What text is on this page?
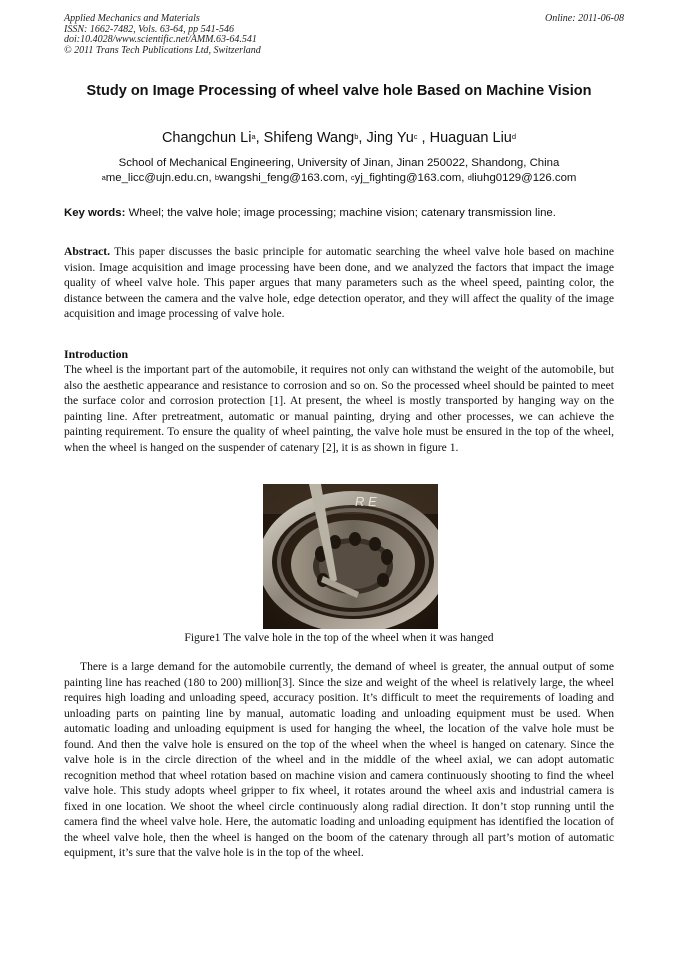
Applied Mechanics and Materials
ISSN: 1662-7482, Vols. 63-64, pp 541-546
doi:10.4028/www.scientific.net/AMM.63-64.541
© 2011 Trans Tech Publications Ltd, Switzerland
Online: 2011-06-08
Study on Image Processing of wheel valve hole Based on Machine Vision
Changchun Li$^a$, Shifeng Wang$^b$, Jing Yu$^c$ , Huaguan Liu$^d$
School of Mechanical Engineering, University of Jinan, Jinan 250022, Shandong, China
$^a$me_licc@ujn.edu.cn, $^b$wangshi_feng@163.com, $^c$yj_fighting@163.com, $^d$liuhg0129@126.com
Key words: Wheel; the valve hole; image processing; machine vision; catenary transmission line.
Abstract. This paper discusses the basic principle for automatic searching the wheel valve hole based on machine vision. Image acquisition and image processing have been done, and we analyzed the factors that impact the image quality of wheel valve hole. This paper argues that many parameters such as the wheel speed, painting color, the distance between the camera and the valve hole, edge detection operator, and they will affect the quality of the image acquisition and image processing of valve hole.
Introduction
The wheel is the important part of the automobile, it requires not only can withstand the weight of the automobile, but also the aesthetic appearance and resistance to corrosion and so on. So the processed wheel should be painted to meet the surface color and corrosion protection [1]. At present, the wheel is mostly transported by hanging way on the painting line. After pretreatment, automatic or manual painting, drying and other processes, we can achieve the painting requirement. To ensure the quality of wheel painting, the valve hole must be ensured in the top of the wheel, when the wheel is hanged on the suspender of catenary [2], it is as shown in figure 1.
R E
Figure1 The valve hole in the top of the wheel when it was hanged
There is a large demand for the automobile currently, the demand of wheel is greater, the annual output of some painting line has reached (180 to 200) million[3]. Since the size and weight of the wheel is relatively large, the wheel requires high loading and unloading speed, accuracy position. It’s difficult to meet the requirements of loading and unloading parts on painting line by manual, automatic loading and unloading equipment must be used. When automatic loading and unloading equipment is used for hanging the wheel, the location of the valve hole must be found. And then the valve hole is ensured on the top of the wheel when the wheel is hanged on catenary. Since the valve hole is in the circle direction of the wheel and in the middle of the wheel axial, we can adopt automatic recognition method that wheel rotation based on machine vision and camera continuously shooting to find the wheel valve hole. This study adopts wheel gripper to fix wheel, it rotates around the wheel axis and industrial camera is fixed in one location. We shoot the wheel circle continuously along radial direction. It don’t stop running until the camera find the wheel valve hole. Here, the automatic loading and unloading equipment has identified the location of the wheel valve hole, then the wheel is hanged on the boom of the catenary through all part’s motion of automatic equipment, it’s sure that the valve hole is in the top of the wheel.
